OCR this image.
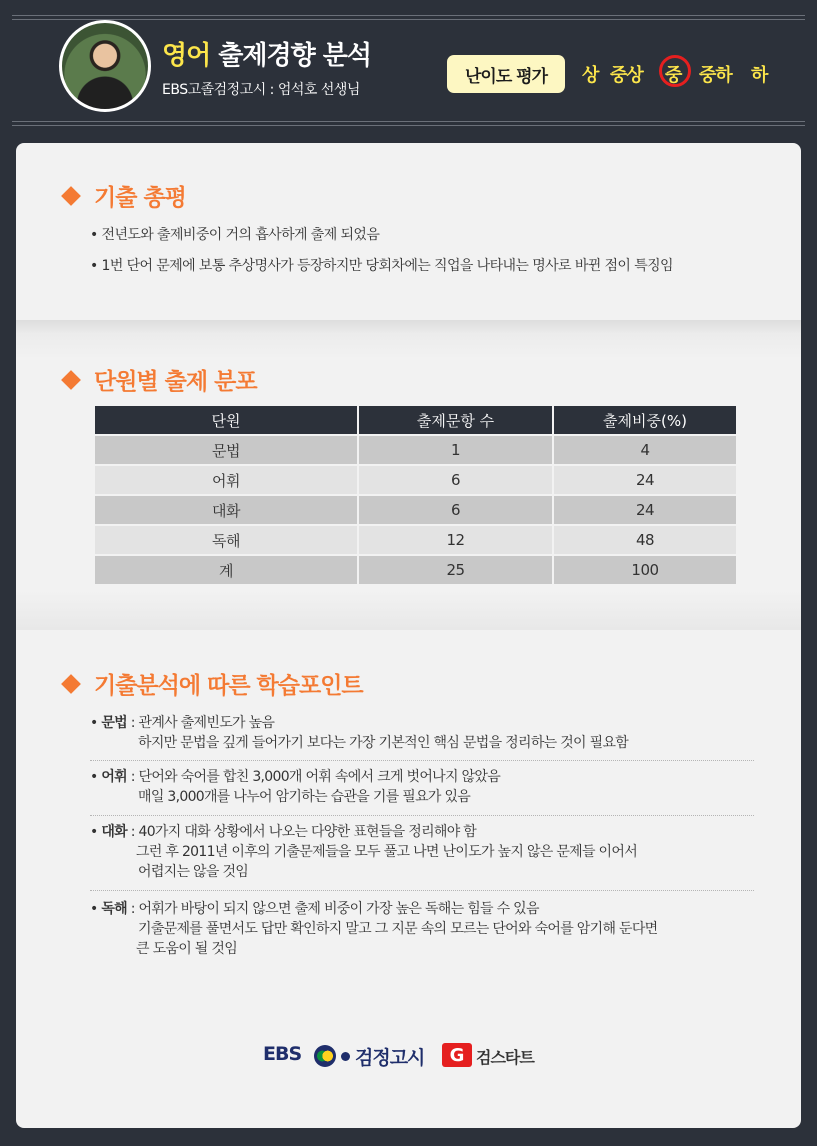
영어 출제경향 분석
EBS고졸검정고시 : 엄석호 선생님
난이도 평가	상 중상 중 중하 하
기출 총평
• 전년도와 출제비중이 거의 흡사하게 출제 되었음
• 1번 단어 문제에 보통 추상명사가 등장하지만 당회차에는 직업을 나타내는 명사로 바뀐 점이 특징임
단원별 출제 분포
단원	출제문항 수	출제비중(%)
문법	1	4
어휘	6	24
대화	6	24
독해	12	48
계	25	100
기출분석에 따른 학습포인트
• 문법 : 관계사 출제빈도가 높음
하지만 문법을 깊게 들어가기 보다는 가장 기본적인 핵심 문법을 정리하는 것이 필요함
• 어휘 : 단어와 숙어를 합친 3,000개 어휘 속에서 크게 벗어나지 않았음
매일 3,000개를 나누어 암기하는 습관을 기를 필요가 있음
• 대화 : 40가지 대화 상황에서 나오는 다양한 표현들을 정리해야 함
그런 후 2011년 이후의 기출문제들을 모두 풀고 나면 난이도가 높지 않은 문제들 이어서
어렵지는 않을 것임
• 독해 : 어휘가 바탕이 되지 않으면 출제 비중이 가장 높은 독해는 힘들 수 있음
기출문제를 풀면서도 답만 확인하지 말고 그 지문 속의 모르는 단어와 숙어를 암기해 둔다면
큰 도움이 될 것임
EBS	검정고시	G 검스타트
